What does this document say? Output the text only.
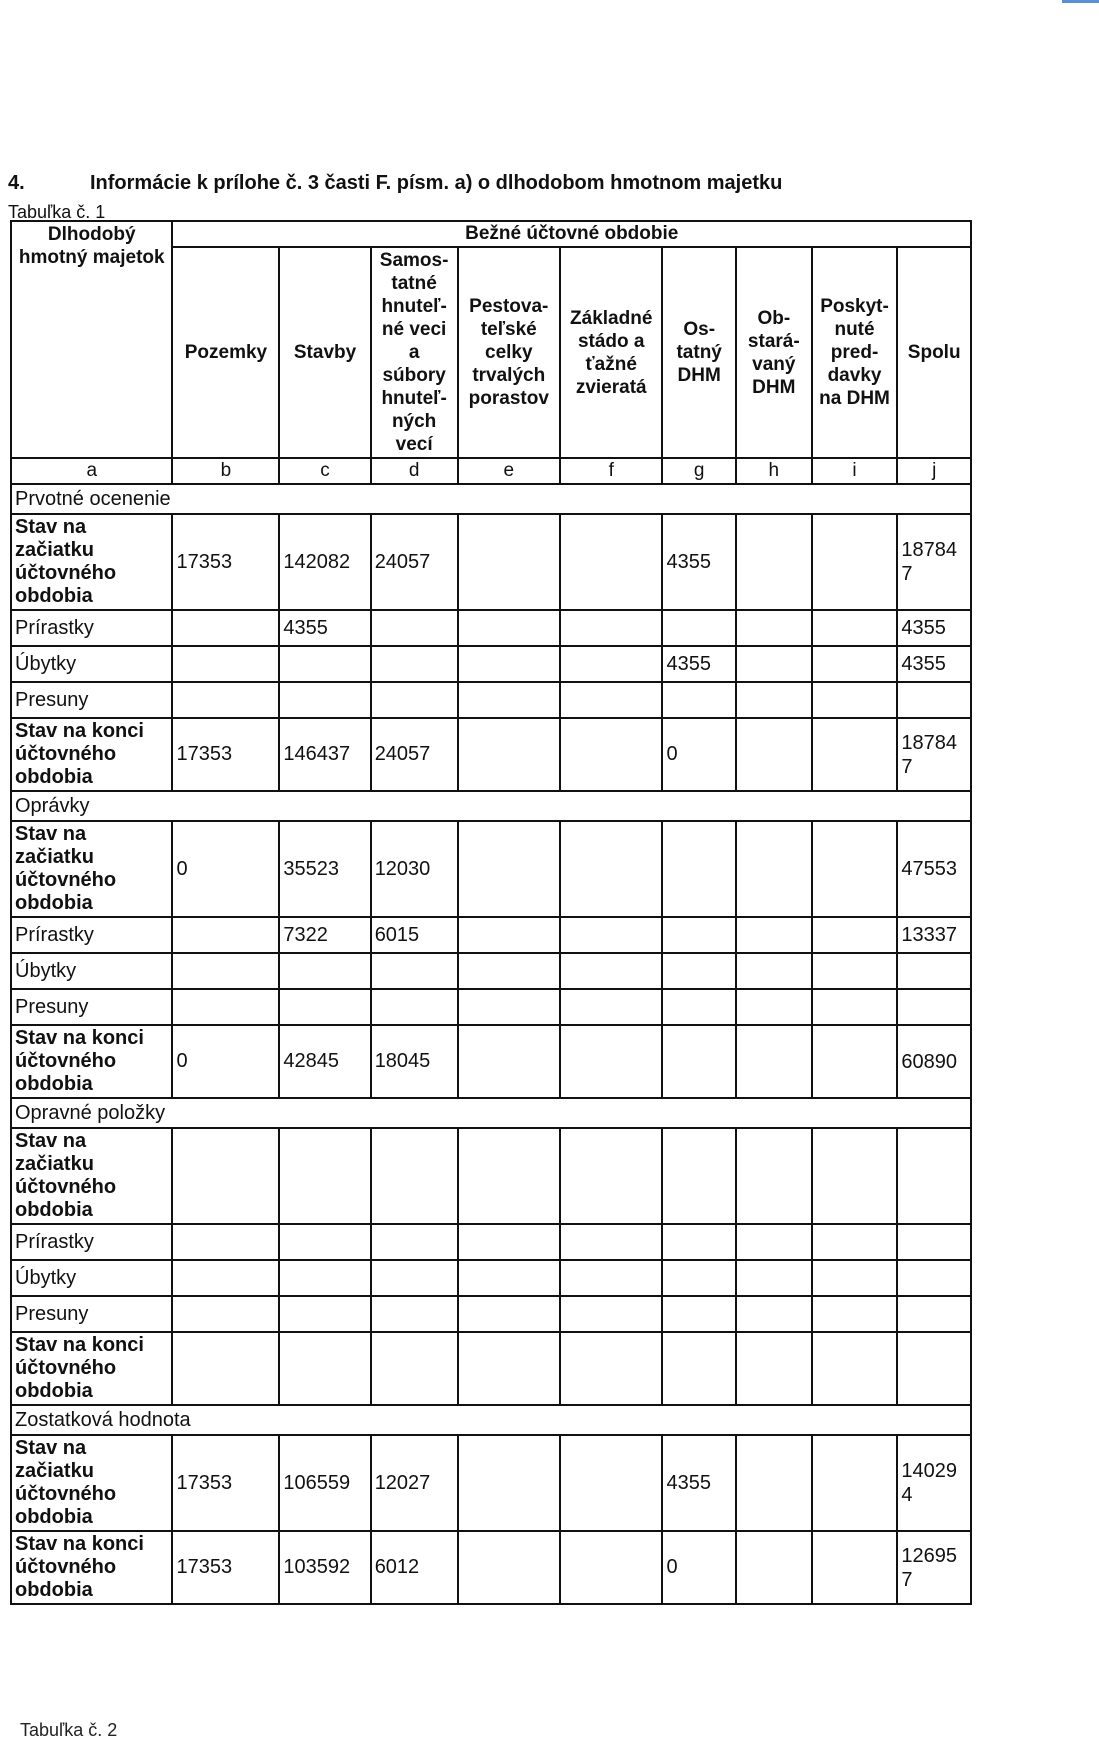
4.	Informácie k prílohe č. 3 časti F. písm. a) o dlhodobom hmotnom majetku
Tabuľka č. 1
Dlhodobý hmotný majetok	Bežné účtovné obdobie								
	Pozemky	Stavby	Samos-tatné hnuteľ-né veci a súbory hnuteľ-ných vecí	Pestova-teľské celky trvalých porastov	Základné stádo a ťažné zvieratá	Os-tatný DHM	Ob-stará-vaný DHM	Poskyt-nuté pred-davky na DHM	Spolu
a	b	c	d	e	f	g	h	i	j
Prvotné ocenenie									
Stav na začiatku účtovného obdobia	17353	142082	24057			4355			18784 7
Prírastky		4355							4355
Úbytky						4355			4355
Presuny									
Stav na konci účtovného obdobia	17353	146437	24057			0			18784 7
Oprávky									
Stav na začiatku účtovného obdobia	0	35523	12030						47553
Prírastky		7322	6015						13337
Úbytky									
Presuny									
Stav na konci účtovného obdobia	0	42845	18045						60890
Opravné položky									
Stav na začiatku účtovného obdobia									
Prírastky									
Úbytky									
Presuny									
Stav na konci účtovného obdobia									
Zostatková hodnota									
Stav na začiatku účtovného obdobia	17353	106559	12027			4355			14029 4
Stav na konci účtovného obdobia	17353	103592	6012			0			12695 7
Tabuľka č. 2
